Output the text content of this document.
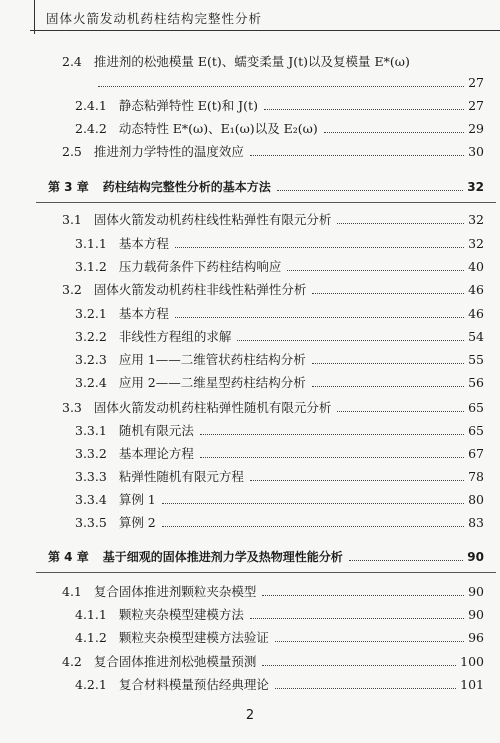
固体火箭发动机药柱结构完整性分析
2.4 推进剂的松弛模量 E(t)、蠕变柔量 J(t)以及复模量 E*(ω)
27
2.4.1 静态粘弹特性 E(t)和 J(t)	27
2.4.2 动态特性 E*(ω)、E₁(ω)以及 E₂(ω)	29
2.5 推进剂力学特性的温度效应	30
第 3 章 药柱结构完整性分析的基本方法	32
3.1 固体火箭发动机药柱线性粘弹性有限元分析	32
3.1.1 基本方程	32
3.1.2 压力载荷条件下药柱结构响应	40
3.2 固体火箭发动机药柱非线性粘弹性分析	46
3.2.1 基本方程	46
3.2.2 非线性方程组的求解	54
3.2.3 应用 1——二维管状药柱结构分析	55
3.2.4 应用 2——二维星型药柱结构分析	56
3.3 固体火箭发动机药柱粘弹性随机有限元分析	65
3.3.1 随机有限元法	65
3.3.2 基本理论方程	67
3.3.3 粘弹性随机有限元方程	78
3.3.4 算例 1	80
3.3.5 算例 2	83
第 4 章 基于细观的固体推进剂力学及热物理性能分析	90
4.1 复合固体推进剂颗粒夹杂模型	90
4.1.1 颗粒夹杂模型建模方法	90
4.1.2 颗粒夹杂模型建模方法验证	96
4.2 复合固体推进剂松弛模量预测	100
4.2.1 复合材料模量预估经典理论	101
2
